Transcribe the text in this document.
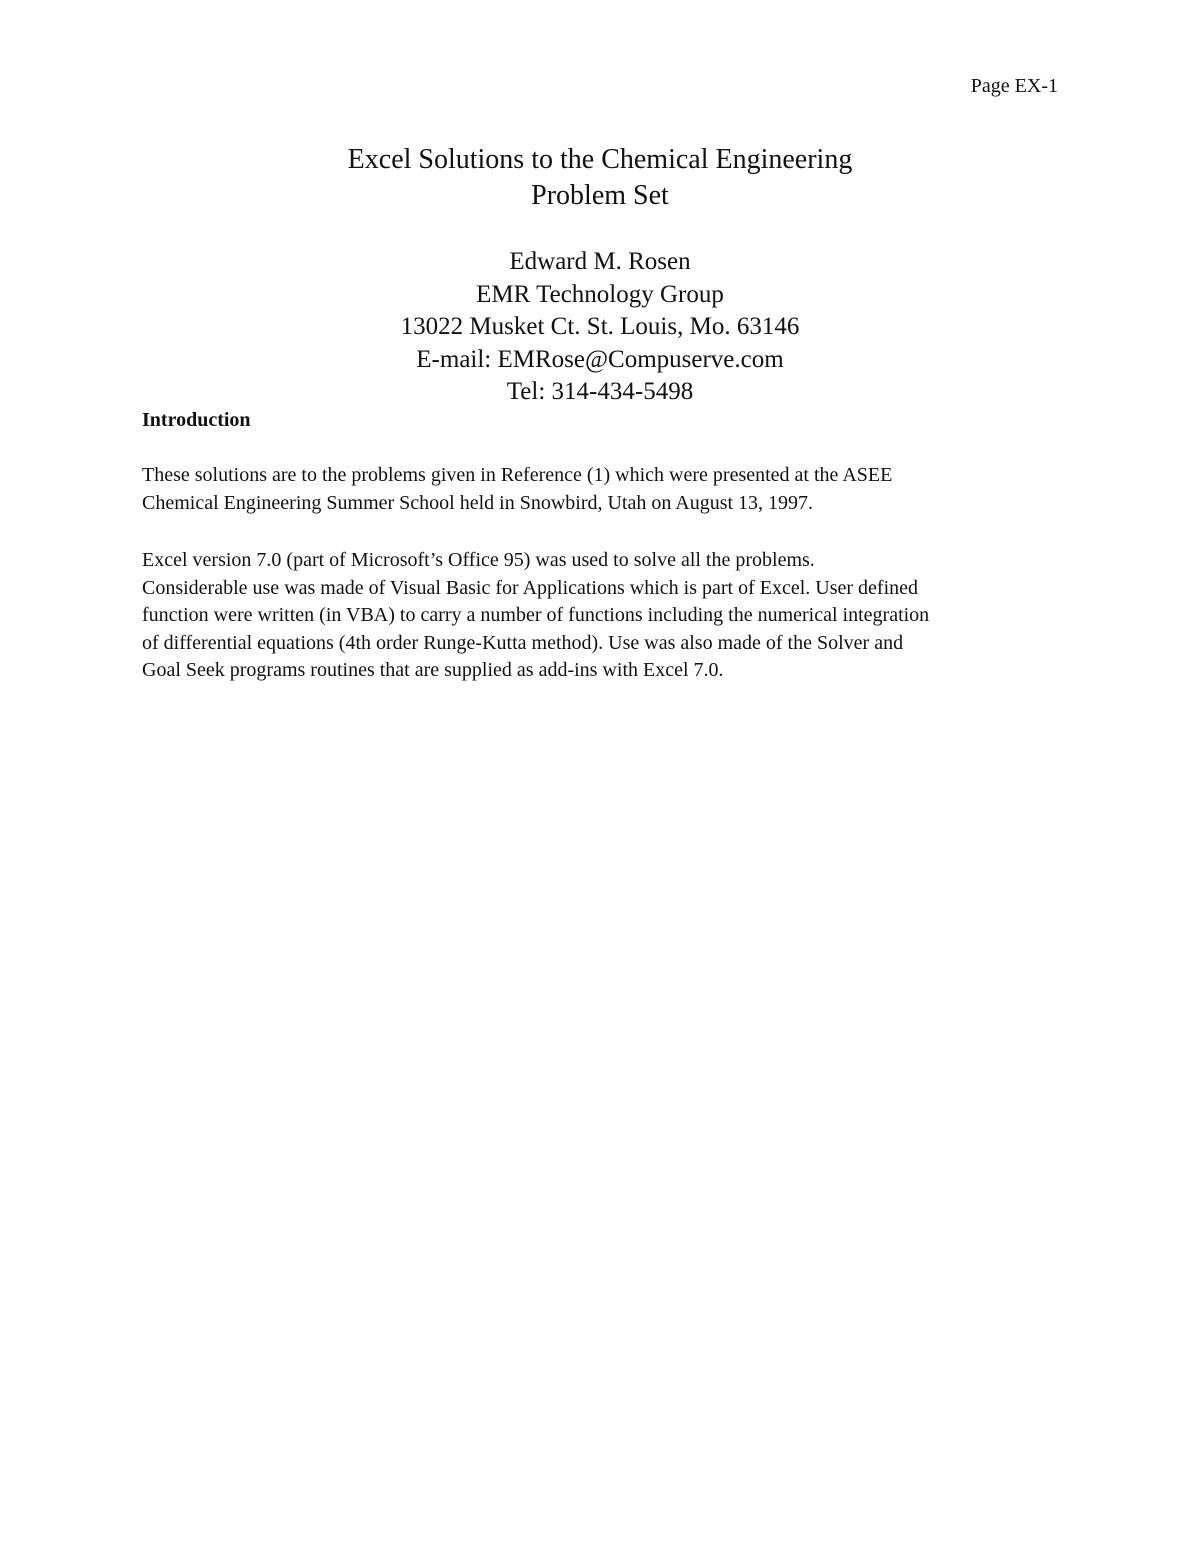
Page EX-1
Excel Solutions to the Chemical Engineering
Problem Set
Edward M. Rosen
EMR Technology Group
13022 Musket Ct. St. Louis, Mo. 63146
E-mail: EMRose@Compuserve.com
Tel: 314-434-5498
Introduction
These solutions are to the problems given in Reference (1) which were presented at the ASEE
Chemical Engineering Summer School held in Snowbird, Utah on August 13, 1997.
Excel version 7.0 (part of Microsoft’s Office 95) was used to solve all the problems.
Considerable use was made of Visual Basic for Applications which is part of Excel. User defined
function were written (in VBA) to carry a number of functions including the numerical integration
of differential equations (4th order Runge-Kutta method). Use was also made of the Solver and
Goal Seek programs routines that are supplied as add-ins with Excel 7.0.
